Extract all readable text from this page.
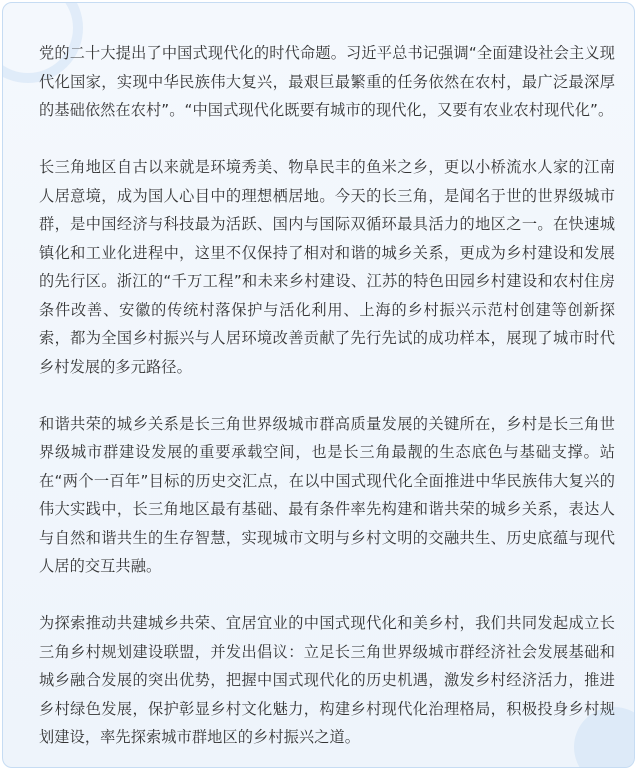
党的二十大提出了中国式现代化的时代命题。习近平总书记强调“全面建设社会主义现代化国家，实现中华民族伟大复兴，最艰巨最繁重的任务依然在农村，最广泛最深厚的基础依然在农村”。“中国式现代化既要有城市的现代化，又要有农业农村现代化”。

长三角地区自古以来就是环境秀美、物阜民丰的鱼米之乡，更以小桥流水人家的江南人居意境，成为国人心目中的理想栖居地。今天的长三角，是闻名于世的世界级城市群，是中国经济与科技最为活跃、国内与国际双循环最具活力的地区之一。在快速城镇化和工业化进程中，这里不仅保持了相对和谐的城乡关系，更成为乡村建设和发展的先行区。浙江的“千万工程”和未来乡村建设、江苏的特色田园乡村建设和农村住房条件改善、安徽的传统村落保护与活化利用、上海的乡村振兴示范村创建等创新探索，都为全国乡村振兴与人居环境改善贡献了先行先试的成功样本，展现了城市时代乡村发展的多元路径。

和谐共荣的城乡关系是长三角世界级城市群高质量发展的关键所在，乡村是长三角世界级城市群建设发展的重要承载空间，也是长三角最靓的生态底色与基础支撑。站在“两个一百年”目标的历史交汇点，在以中国式现代化全面推进中华民族伟大复兴的伟大实践中，长三角地区最有基础、最有条件率先构建和谐共荣的城乡关系，表达人与自然和谐共生的生存智慧，实现城市文明与乡村文明的交融共生、历史底蕴与现代人居的交互共融。

为探索推动共建城乡共荣、宜居宜业的中国式现代化和美乡村，我们共同发起成立长三角乡村规划建设联盟，并发出倡议：立足长三角世界级城市群经济社会发展基础和城乡融合发展的突出优势，把握中国式现代化的历史机遇，激发乡村经济活力，推进乡村绿色发展，保护彰显乡村文化魅力，构建乡村现代化治理格局，积极投身乡村规划建设，率先探索城市群地区的乡村振兴之道。
